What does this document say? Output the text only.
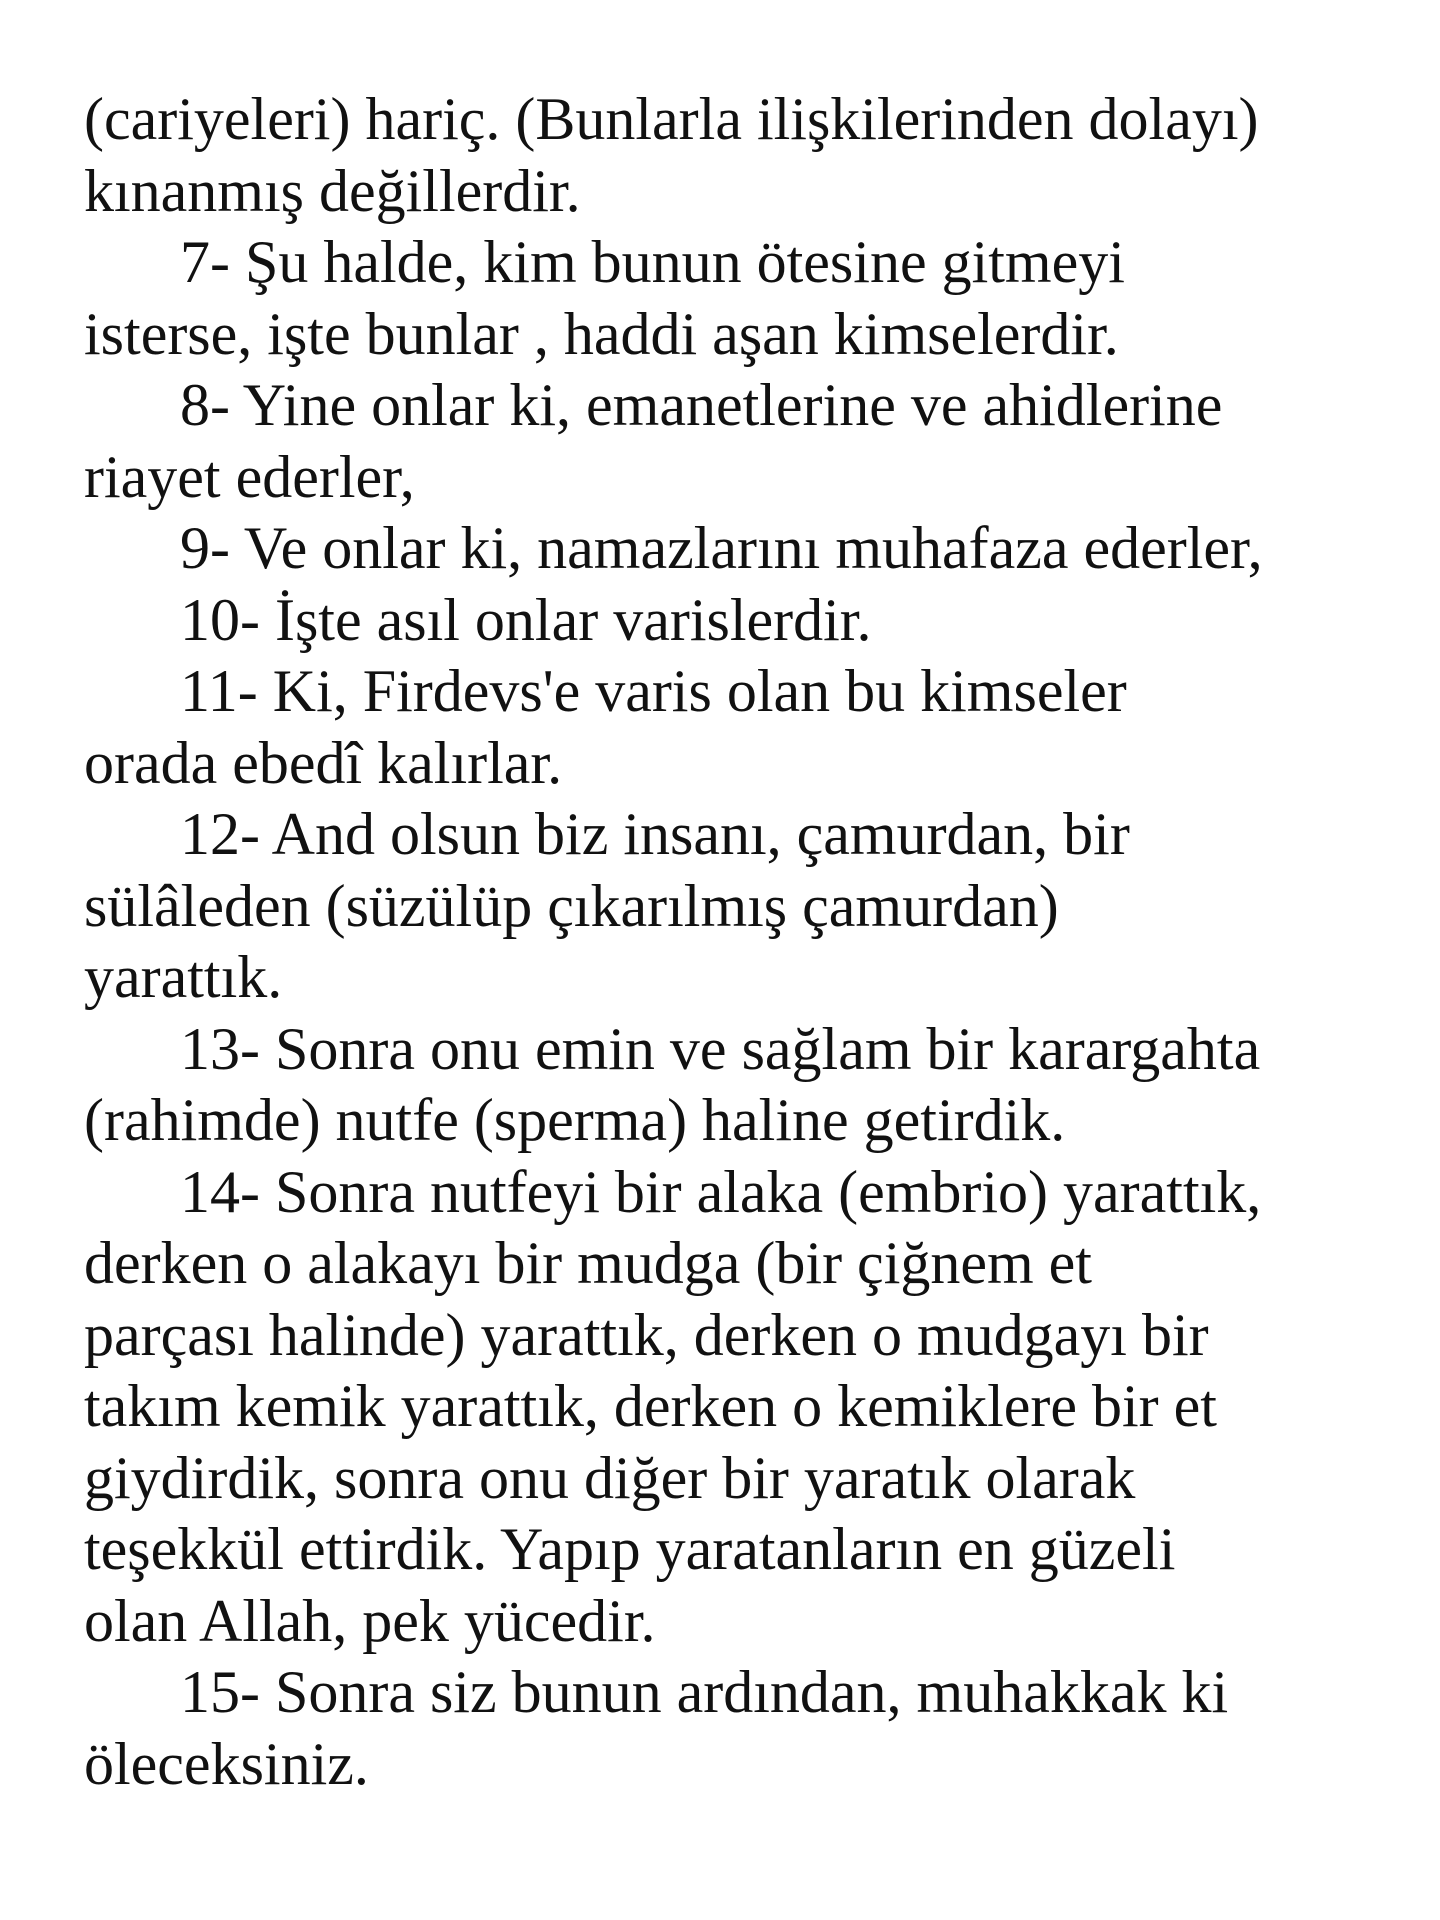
(cariyeleri) hariç. (Bunlarla ilişkilerinden dolayı)
kınanmış değillerdir.
7- Şu halde, kim bunun ötesine gitmeyi
isterse, işte bunlar , haddi aşan kimselerdir.
8- Yine onlar ki, emanetlerine ve ahidlerine
riayet ederler,
9- Ve onlar ki, namazlarını muhafaza ederler,
10- İşte asıl onlar varislerdir.
11- Ki, Firdevs'e varis olan bu kimseler
orada ebedî kalırlar.
12- And olsun biz insanı, çamurdan, bir
sülâleden (süzülüp çıkarılmış çamurdan)
yarattık.
13- Sonra onu emin ve sağlam bir karargahta
(rahimde) nutfe (sperma) haline getirdik.
14- Sonra nutfeyi bir alaka (embrio) yarattık,
derken o alakayı bir mudga (bir çiğnem et
parçası halinde) yarattık, derken o mudgayı bir
takım kemik yarattık, derken o kemiklere bir et
giydirdik, sonra onu diğer bir yaratık olarak
teşekkül ettirdik. Yapıp yaratanların en güzeli
olan Allah, pek yücedir.
15- Sonra siz bunun ardından, muhakkak ki
öleceksiniz.
